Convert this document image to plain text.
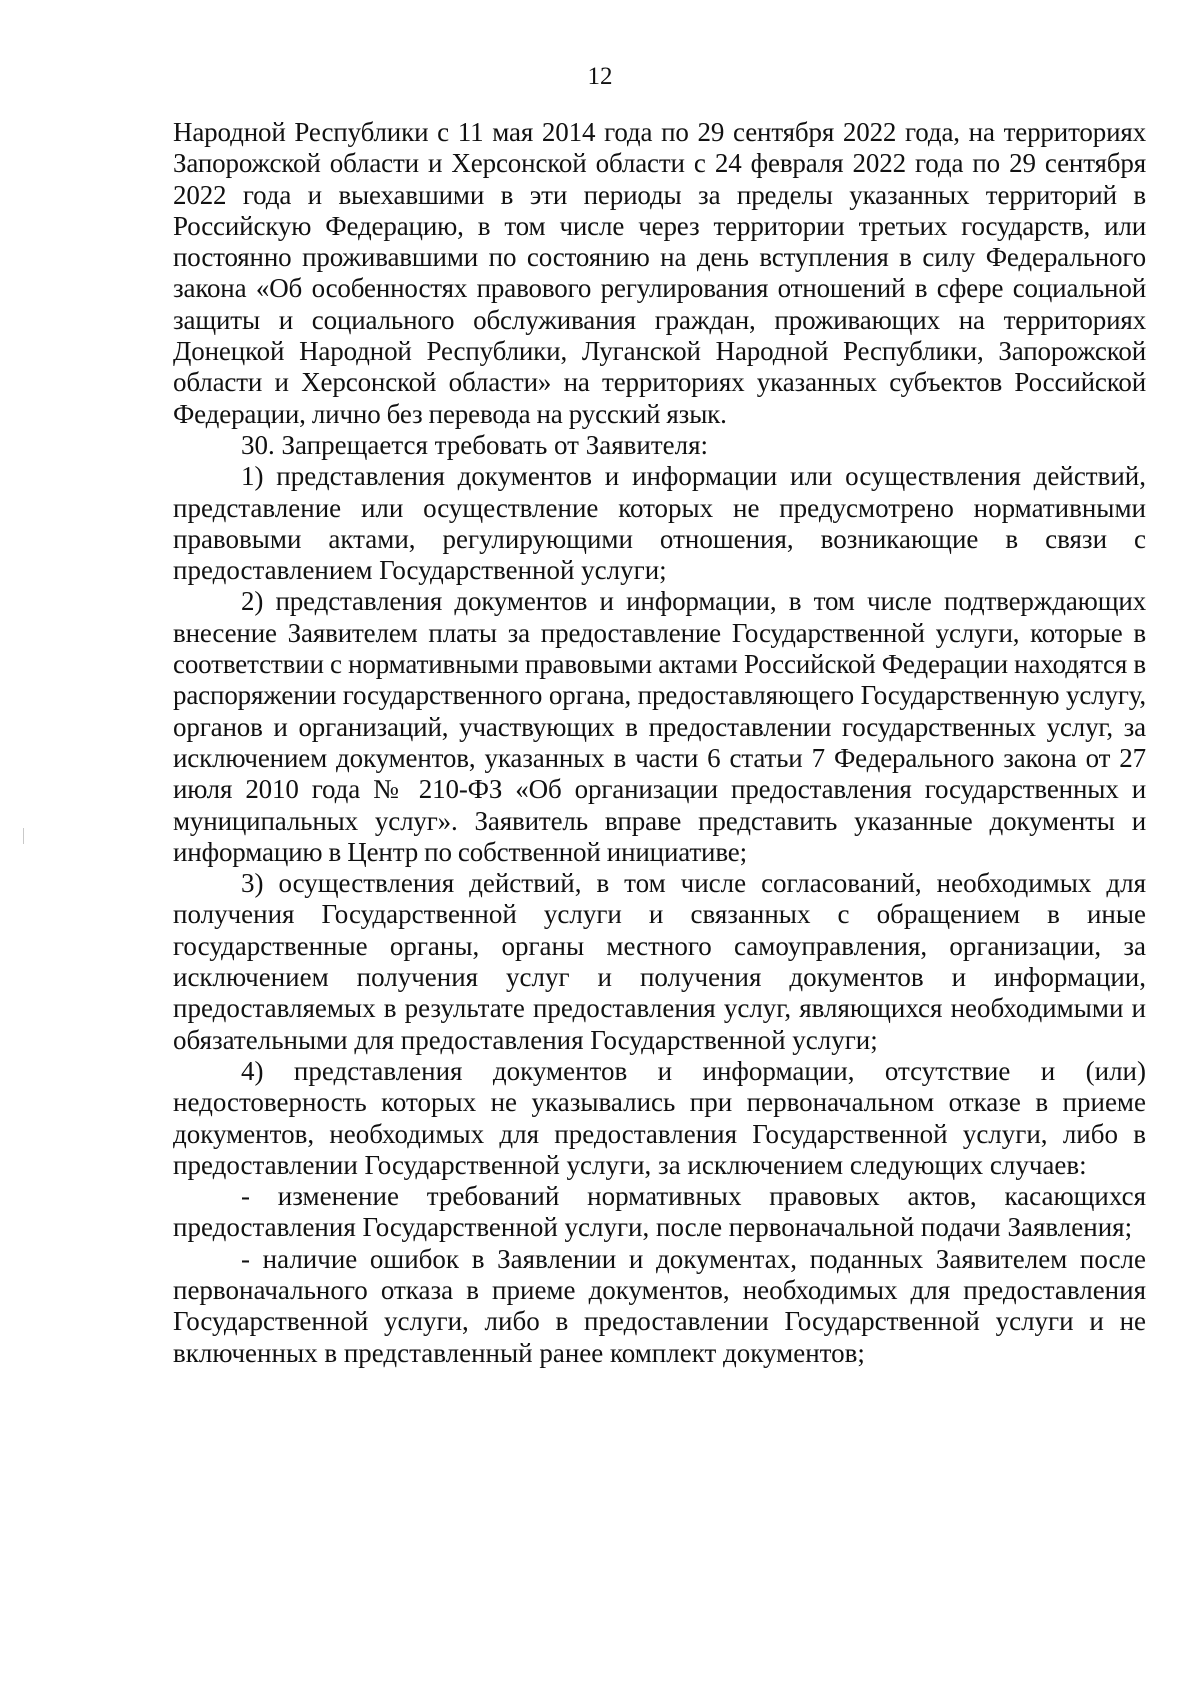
12

Народной Республики с 11 мая 2014 года по 29 сентября 2022 года, на территориях Запорожской области и Херсонской области с 24 февраля 2022 года по 29 сентября 2022 года и выехавшими в эти периоды за пределы указанных территорий в Российскую Федерацию, в том числе через территории третьих государств, или постоянно проживавшими по состоянию на день вступления в силу Федерального закона «Об особенностях правового регулирования отношений в сфере социальной защиты и социального обслуживания граждан, проживающих на территориях Донецкой Народной Республики, Луганской Народной Республики, Запорожской области и Херсонской области» на территориях указанных субъектов Российской Федерации, лично без перевода на русский язык.

30. Запрещается требовать от Заявителя:

1) представления документов и информации или осуществления действий, представление или осуществление которых не предусмотрено нормативными правовыми актами, регулирующими отношения, возникающие в связи с предоставлением Государственной услуги;

2) представления документов и информации, в том числе подтверждающих внесение Заявителем платы за предоставление Государственной услуги, которые в соответствии с нормативными правовыми актами Российской Федерации находятся в распоряжении государственного органа, предоставляющего Государственную услугу, органов и организаций, участвующих в предоставлении государственных услуг, за исключением документов, указанных в части 6 статьи 7 Федерального закона от 27 июля 2010 года № 210-ФЗ «Об организации предоставления государственных и муниципальных услуг». Заявитель вправе представить указанные документы и информацию в Центр по собственной инициативе;

3) осуществления действий, в том числе согласований, необходимых для получения Государственной услуги и связанных с обращением в иные государственные органы, органы местного самоуправления, организации, за исключением получения услуг и получения документов и информации, предоставляемых в результате предоставления услуг, являющихся необходимыми и обязательными для предоставления Государственной услуги;

4) представления документов и информации, отсутствие и (или) недостоверность которых не указывались при первоначальном отказе в приеме документов, необходимых для предоставления Государственной услуги, либо в предоставлении Государственной услуги, за исключением следующих случаев:

- изменение требований нормативных правовых актов, касающихся предоставления Государственной услуги, после первоначальной подачи Заявления;

- наличие ошибок в Заявлении и документах, поданных Заявителем после первоначального отказа в приеме документов, необходимых для предоставления Государственной услуги, либо в предоставлении Государственной услуги и не включенных в представленный ранее комплект документов;
